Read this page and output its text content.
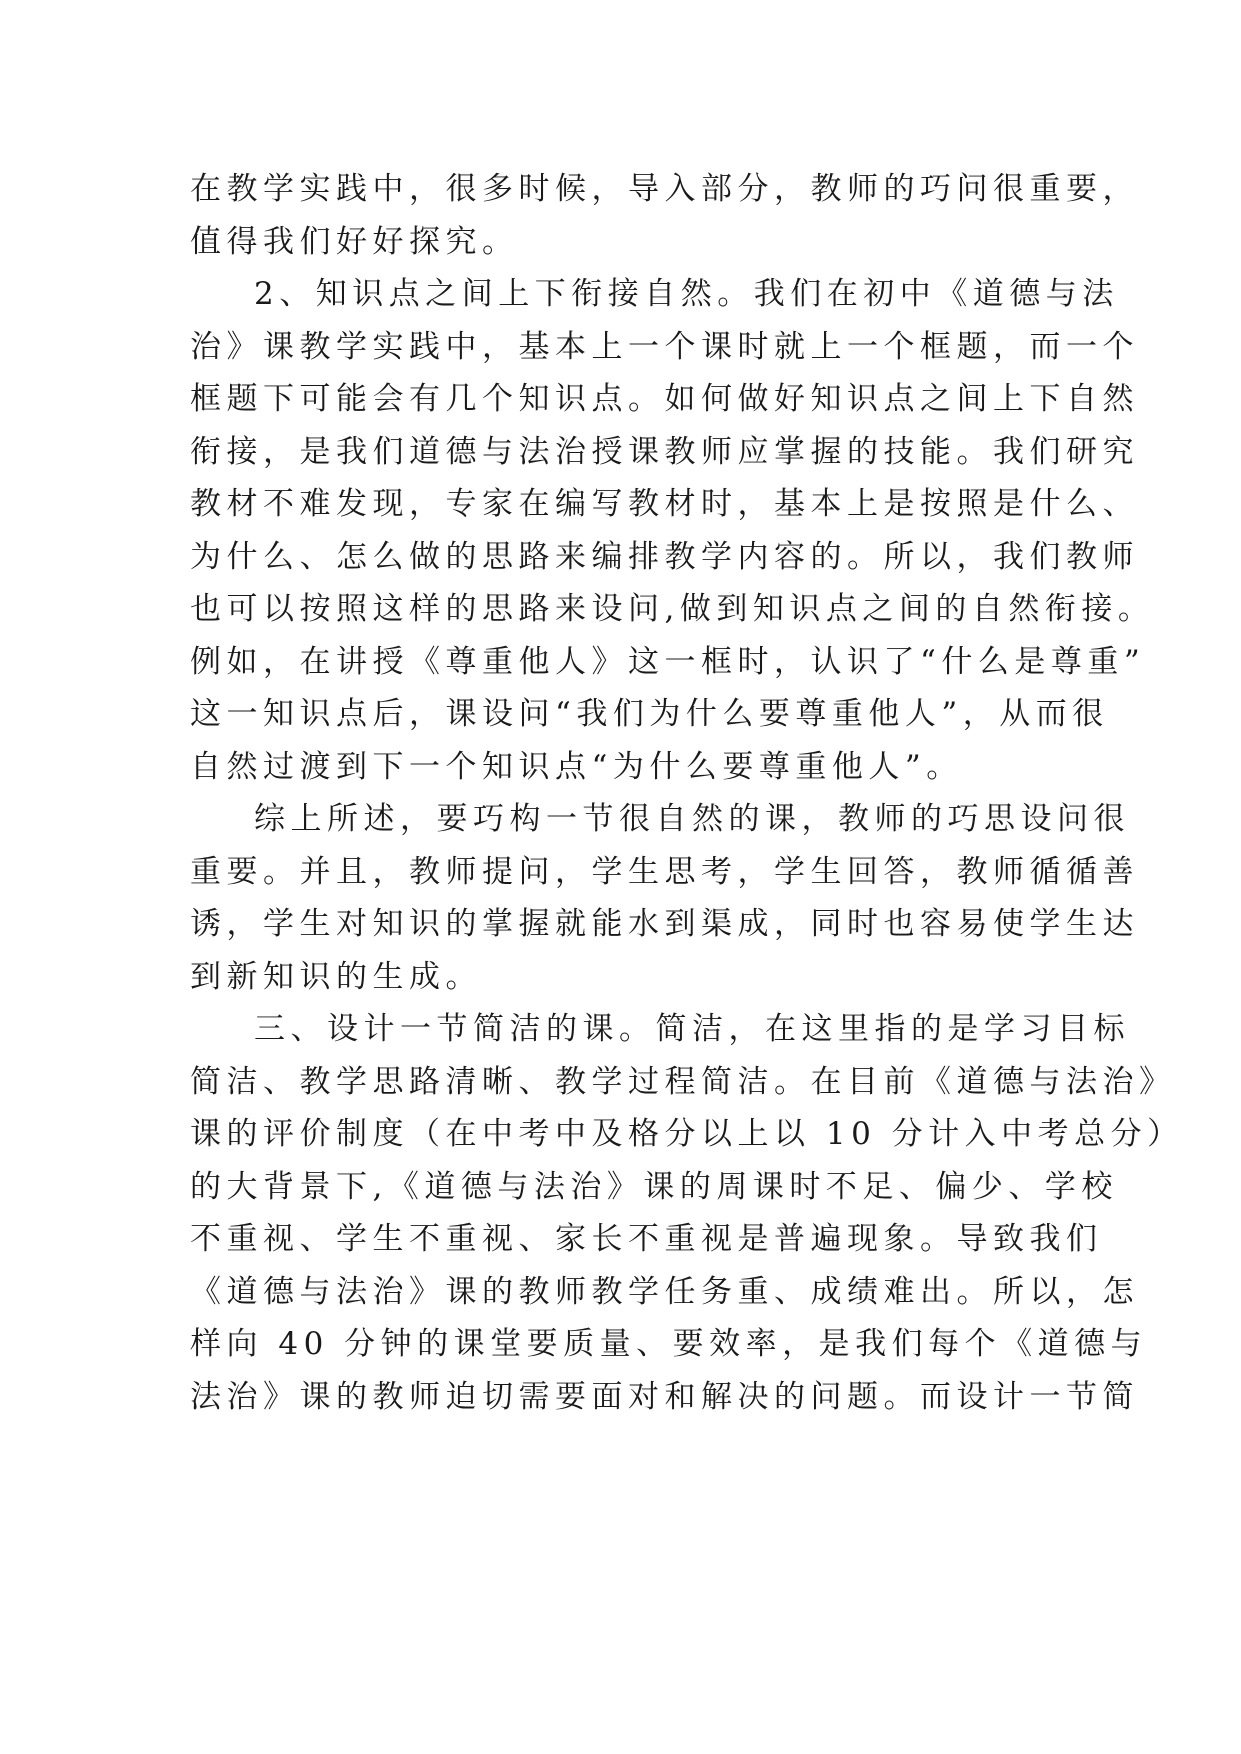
在教学实践中，很多时候，导入部分，教师的巧问很重要，
值得我们好好探究。
2、知识点之间上下衔接自然。我们在初中《道德与法
治》课教学实践中，基本上一个课时就上一个框题，而一个
框题下可能会有几个知识点。如何做好知识点之间上下自然
衔接，是我们道德与法治授课教师应掌握的技能。我们研究
教材不难发现，专家在编写教材时，基本上是按照是什么、
为什么、怎么做的思路来编排教学内容的。所以，我们教师
也可以按照这样的思路来设问,做到知识点之间的自然衔接。
例如，在讲授《尊重他人》这一框时，认识了“什么是尊重”
这一知识点后，课设问“我们为什么要尊重他人”，从而很
自然过渡到下一个知识点“为什么要尊重他人”。
综上所述，要巧构一节很自然的课，教师的巧思设问很
重要。并且，教师提问，学生思考，学生回答，教师循循善
诱，学生对知识的掌握就能水到渠成，同时也容易使学生达
到新知识的生成。
三、设计一节简洁的课。简洁，在这里指的是学习目标
简洁、教学思路清晰、教学过程简洁。在目前《道德与法治》
课的评价制度（在中考中及格分以上以 10 分计入中考总分）
的大背景下,《道德与法治》课的周课时不足、偏少、学校
不重视、学生不重视、家长不重视是普遍现象。导致我们
《道德与法治》课的教师教学任务重、成绩难出。所以，怎
样向 40 分钟的课堂要质量、要效率，是我们每个《道德与
法治》课的教师迫切需要面对和解决的问题。而设计一节简
